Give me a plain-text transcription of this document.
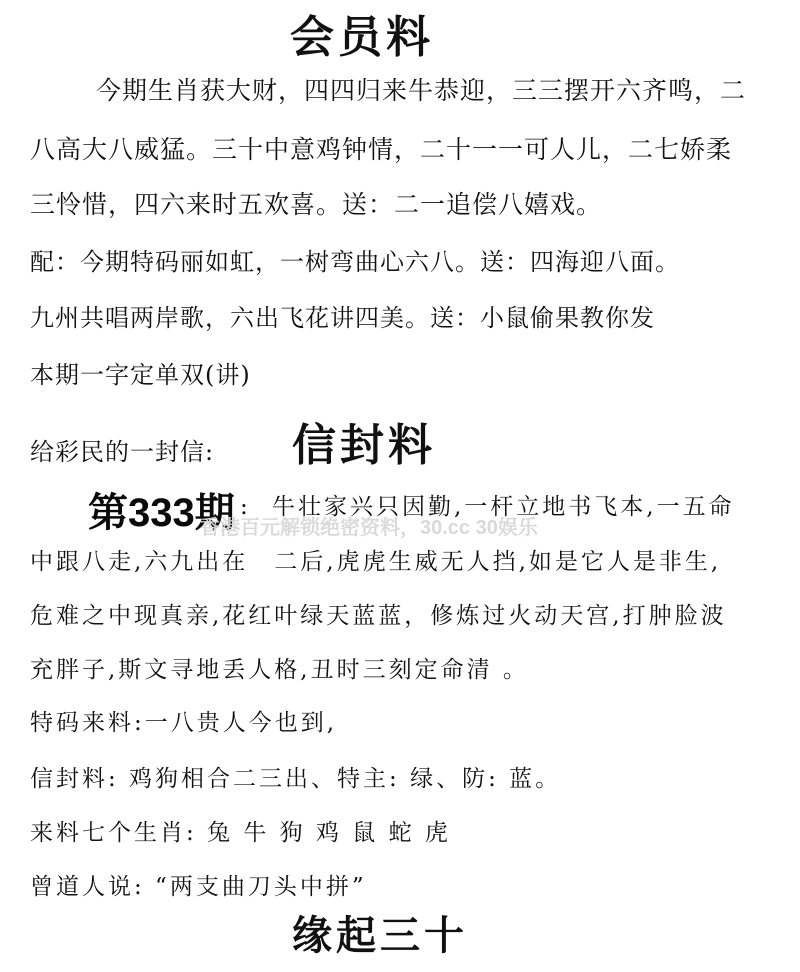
会员料
今期生肖获大财，四四归来牛恭迎，三三摆开六齐鸣，二
八高大八威猛。三十中意鸡钟情，二十一一可人儿，二七娇柔
三怜惜，四六来时五欢喜。送：二一追偿八嬉戏。
配：今期特码丽如虹，一树弯曲心六八。送：四海迎八面。
九州共唱两岸歌，六出飞花讲四美。送：小鼠偷果教你发
本期一字定单双(讲)
给彩民的一封信: 信封料
第333期 :
香港百元解锁绝密资料，30.cc 30娱乐
牛壮家兴只因勤,一杆立地书飞本,一五命
中跟八走,六九出在　二后,虎虎生威无人挡,如是它人是非生,
危难之中现真亲,花红叶绿天蓝蓝，修炼过火动天宫,打肿脸波
充胖子,斯文寻地丢人格,丑时三刻定命清 。
特码来料:一八贵人今也到,
信封料: 鸡狗相合二三出、特主: 绿、防: 蓝。
来料七个生肖: 兔 牛 狗 鸡 鼠 蛇 虎
曾道人说: “两支曲刀头中拼”
缘起三十
